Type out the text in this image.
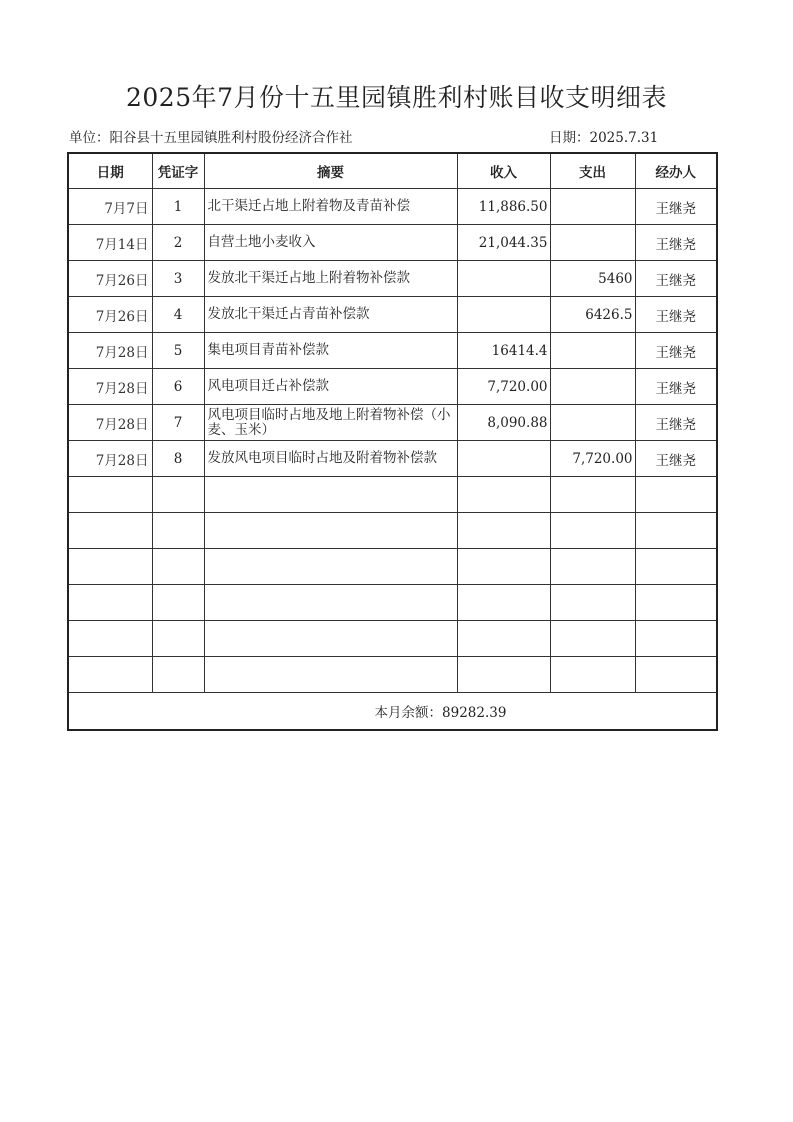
2025年7月份十五里园镇胜利村账目收支明细表
单位：阳谷县十五里园镇胜利村股份经济合作社	日期：2025.7.31
日期	凭证字	摘要	收入	支出	经办人
7月7日	1	北干渠迁占地上附着物及青苗补偿	11,886.50		王继尧
7月14日	2	自营土地小麦收入	21,044.35		王继尧
7月26日	3	发放北干渠迁占地上附着物补偿款		5460	王继尧
7月26日	4	发放北干渠迁占青苗补偿款		6426.5	王继尧
7月28日	5	集电项目青苗补偿款	16414.4		王继尧
7月28日	6	风电项目迁占补偿款	7,720.00		王继尧
7月28日	7	风电项目临时占地及地上附着物补偿（小麦、玉米）	8,090.88		王继尧
7月28日	8	发放风电项目临时占地及附着物补偿款		7,720.00	王继尧

本月余额：89282.39					
